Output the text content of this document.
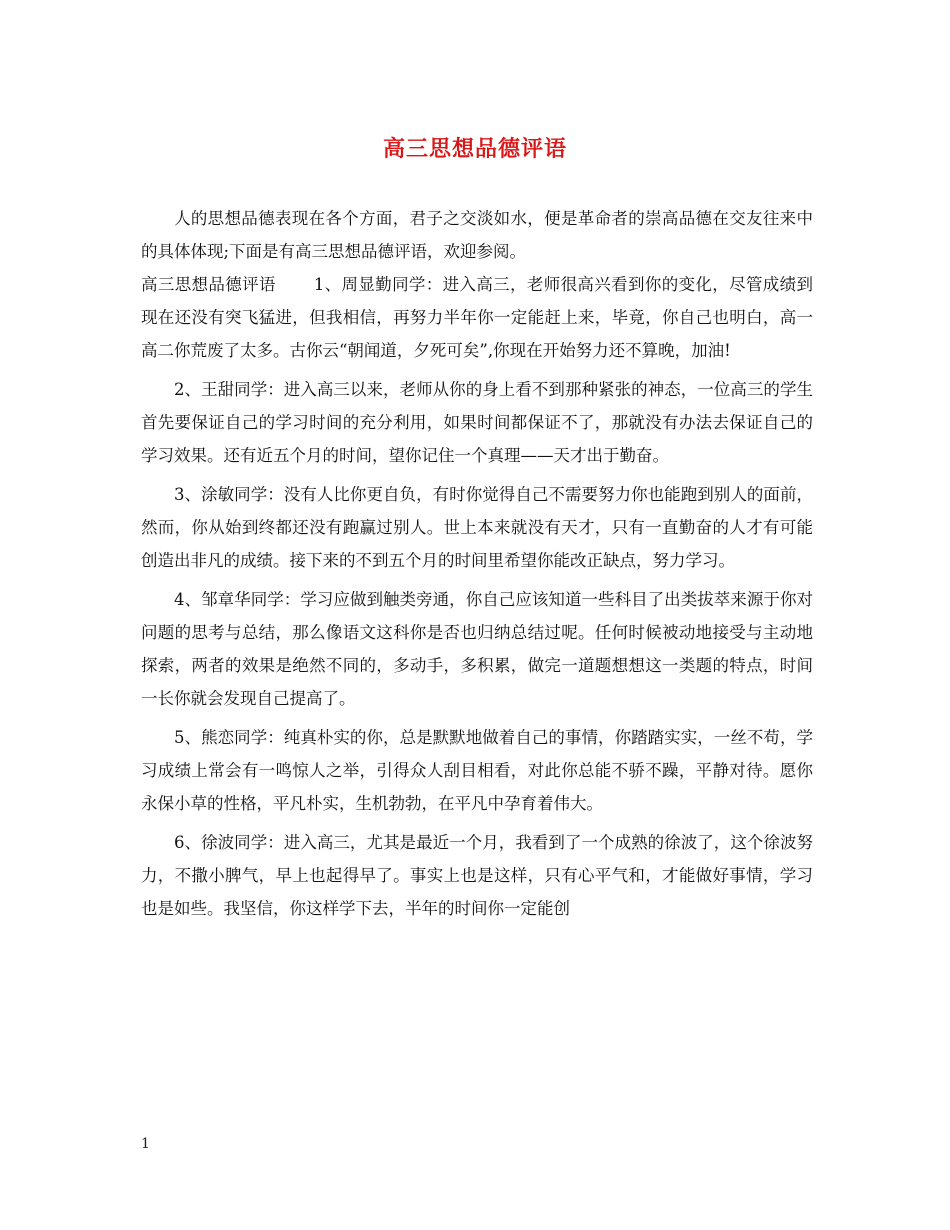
高三思想品德评语

人的思想品德表现在各个方面，君子之交淡如水，便是革命者的崇高品德在交友往来中的具体体现;下面是有高三思想品德评语，欢迎参阅。

高三思想品德评语 1、周显勤同学：进入高三，老师很高兴看到你的变化，尽管成绩到现在还没有突飞猛进，但我相信，再努力半年你一定能赶上来，毕竟，你自己也明白，高一高二你荒废了太多。古你云“朝闻道，夕死可矣”,你现在开始努力还不算晚，加油!

2、王甜同学：进入高三以来，老师从你的身上看不到那种紧张的神态，一位高三的学生首先要保证自己的学习时间的充分利用，如果时间都保证不了，那就没有办法去保证自己的学习效果。还有近五个月的时间，望你记住一个真理——天才出于勤奋。

3、涂敏同学：没有人比你更自负，有时你觉得自己不需要努力你也能跑到别人的面前，然而，你从始到终都还没有跑赢过别人。世上本来就没有天才，只有一直勤奋的人才有可能创造出非凡的成绩。接下来的不到五个月的时间里希望你能改正缺点，努力学习。

4、邹章华同学：学习应做到触类旁通，你自己应该知道一些科目了出类拔萃来源于你对问题的思考与总结，那么像语文这科你是否也归纳总结过呢。任何时候被动地接受与主动地探索，两者的效果是绝然不同的，多动手，多积累，做完一道题想想这一类题的特点，时间一长你就会发现自己提高了。

5、熊恋同学：纯真朴实的你，总是默默地做着自己的事情，你踏踏实实，一丝不苟，学习成绩上常会有一鸣惊人之举，引得众人刮目相看，对此你总能不骄不躁，平静对待。愿你永保小草的性格，平凡朴实，生机勃勃，在平凡中孕育着伟大。

6、徐波同学：进入高三，尤其是最近一个月，我看到了一个成熟的徐波了，这个徐波努力，不撒小脾气，早上也起得早了。事实上也是这样，只有心平气和，才能做好事情，学习也是如些。我坚信，你这样学下去，半年的时间你一定能创

1
